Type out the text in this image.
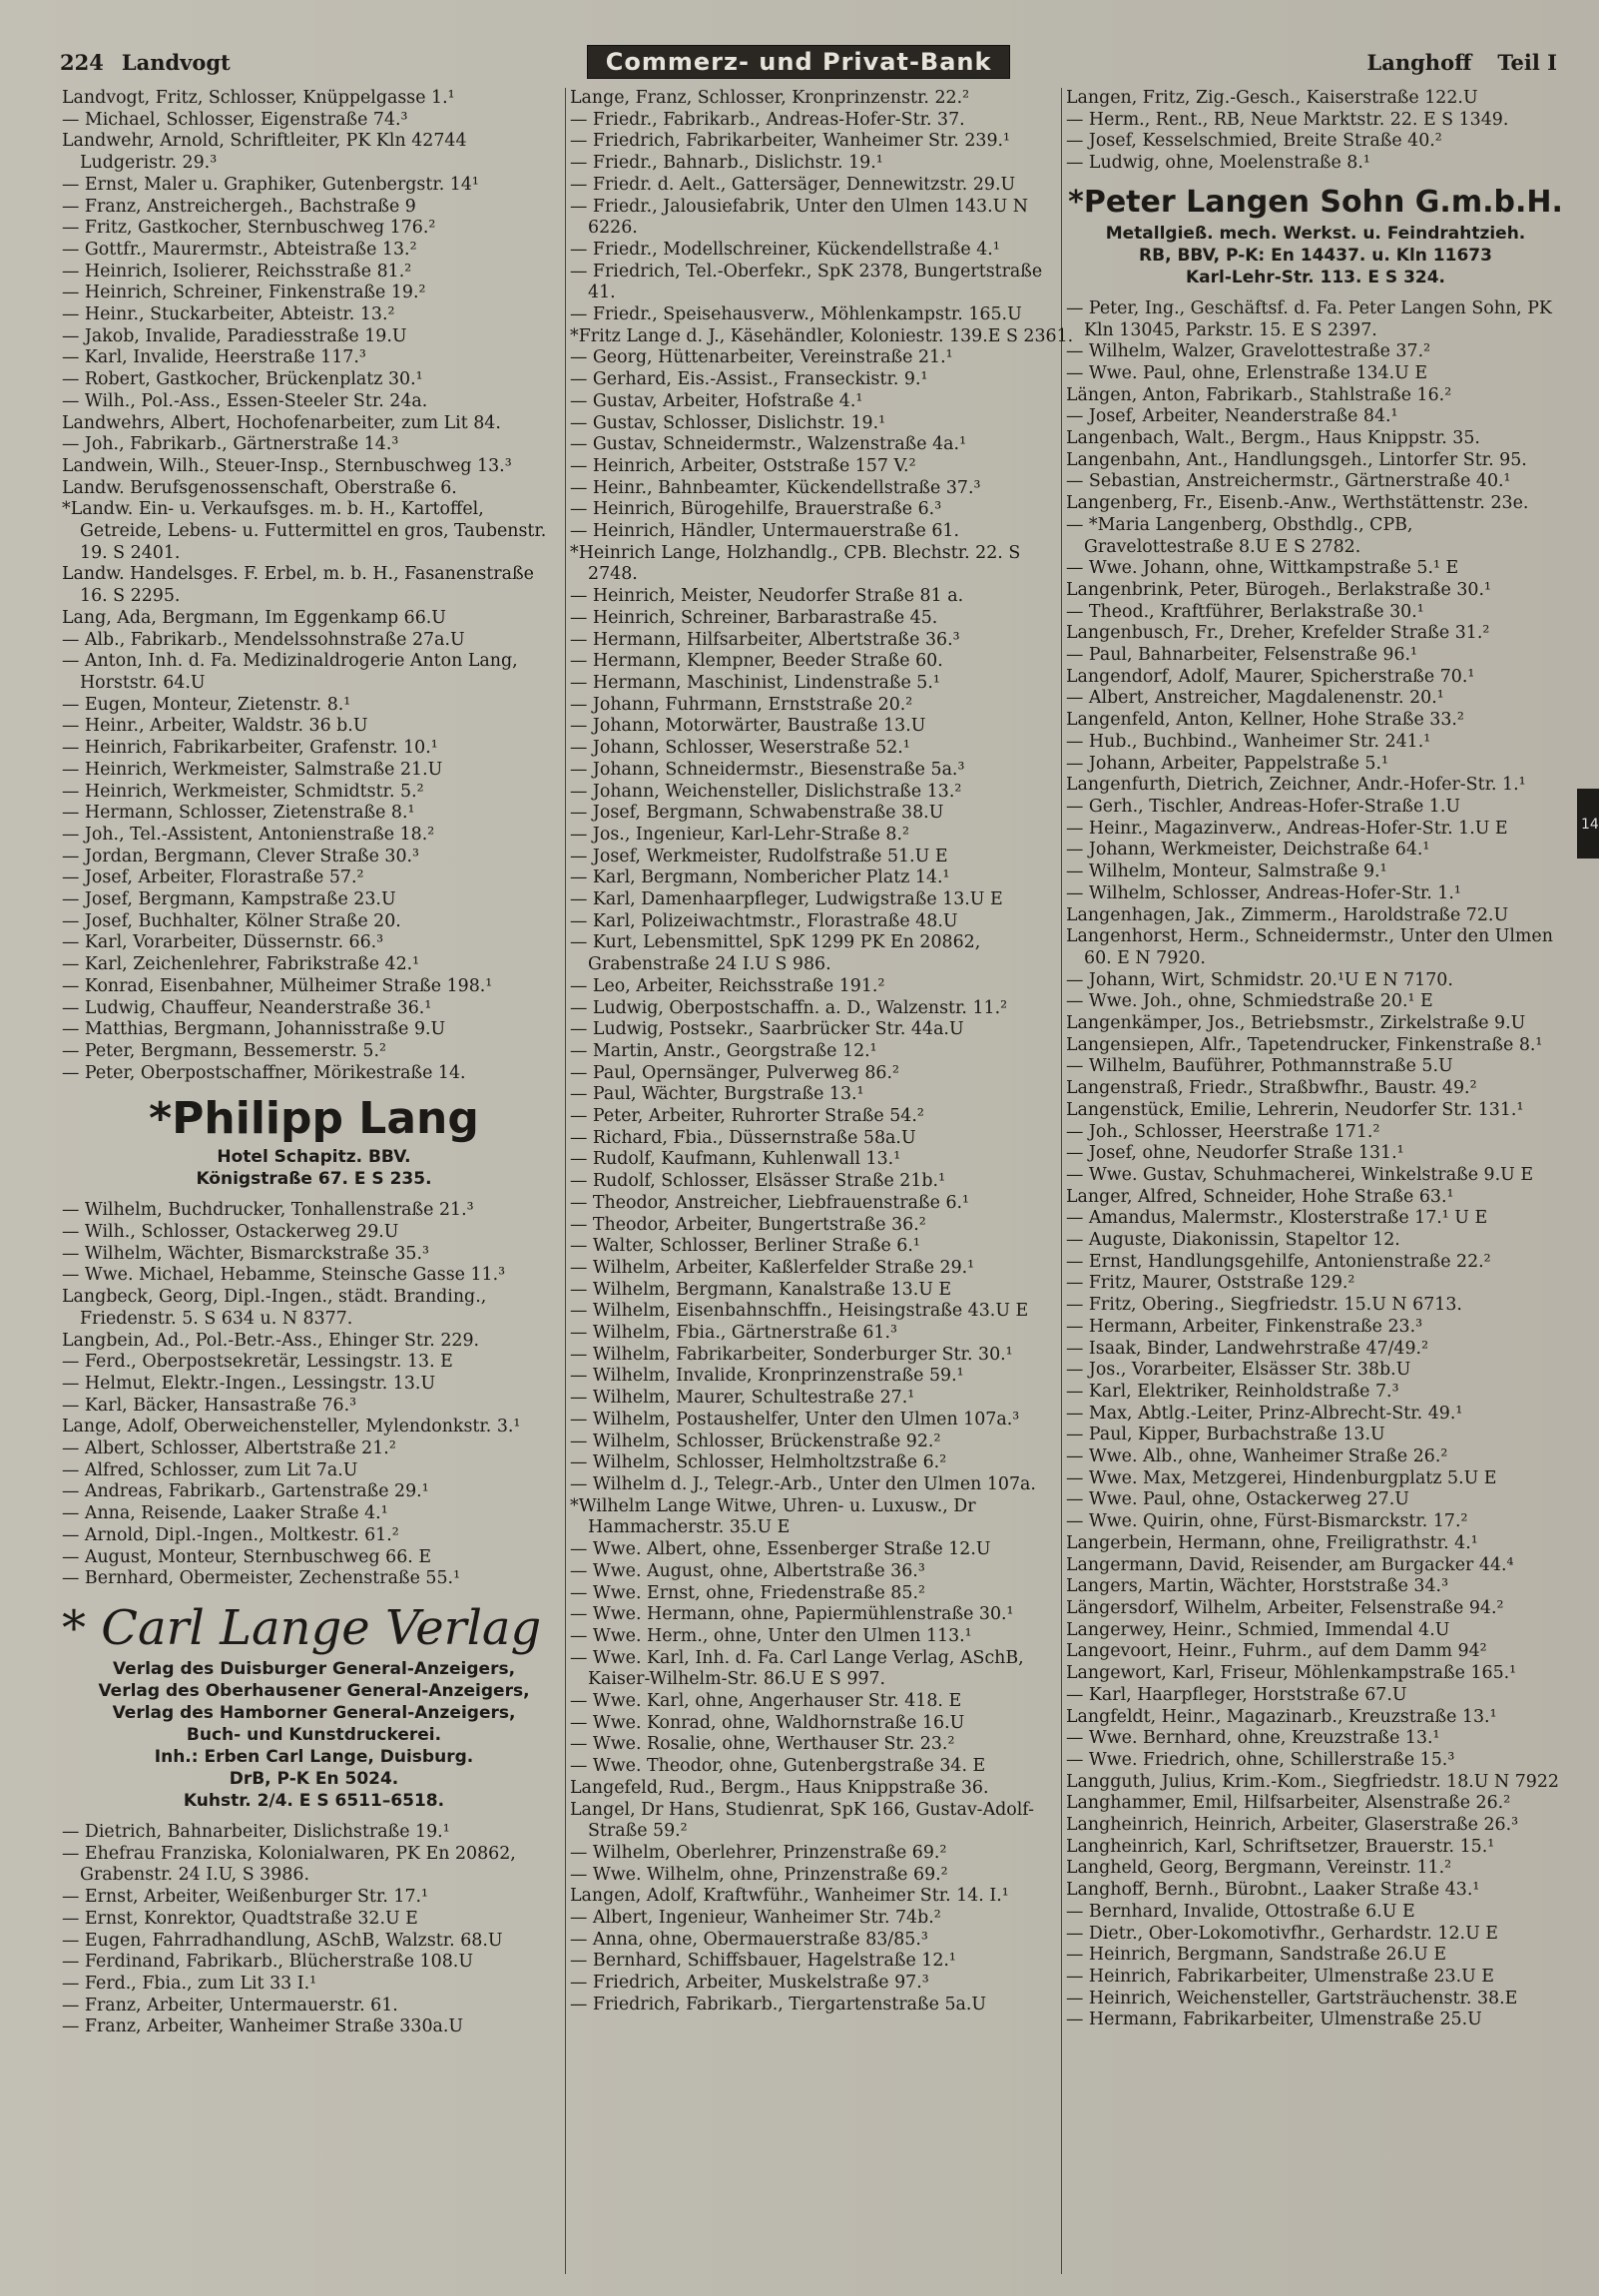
224 Landvogt	Commerz- und Privat-Bank	Langhoff Teil I
Landvogt, Fritz, Schlosser, Knüppelgasse 1.¹
— Michael, Schlosser, Eigenstraße 74.³
Landwehr, Arnold, Schriftleiter, PK Kln 42744 Ludgeristr. 29.³
— Ernst, Maler u. Graphiker, Gutenbergstr. 14¹
— Franz, Anstreichergeh., Bachstraße 9
— Fritz, Gastkocher, Sternbuschweg 176.²
— Gottfr., Maurermstr., Abteistraße 13.²
— Heinrich, Isolierer, Reichsstraße 81.²
— Heinrich, Schreiner, Finkenstraße 19.²
— Heinr., Stuckarbeiter, Abteistr. 13.²
— Jakob, Invalide, Paradiesstraße 19.U
— Karl, Invalide, Heerstraße 117.³
— Robert, Gastkocher, Brückenplatz 30.¹
— Wilh., Pol.-Ass., Essen-Steeler Str. 24a.
Landwehrs, Albert, Hochofenarbeiter, zum Lit 84.
— Joh., Fabrikarb., Gärtnerstraße 14.³
Landwein, Wilh., Steuer-Insp., Sternbuschweg 13.³
Landw. Berufsgenossenschaft, Oberstraße 6.
*Landw. Ein- u. Verkaufsges. m. b. H., Kartoffel, Getreide, Lebens- u. Futtermittel en gros, Taubenstr. 19. S 2401.
Landw. Handelsges. F. Erbel, m. b. H., Fasanenstraße 16. S 2295.
Lang, Ada, Bergmann, Im Eggenkamp 66.U
— Alb., Fabrikarb., Mendelssohnstraße 27a.U
— Anton, Inh. d. Fa. Medizinaldrogerie Anton Lang, Horststr. 64.U
— Eugen, Monteur, Zietenstr. 8.¹
— Heinr., Arbeiter, Waldstr. 36 b.U
— Heinrich, Fabrikarbeiter, Grafenstr. 10.¹
— Heinrich, Werkmeister, Salmstraße 21.U
— Heinrich, Werkmeister, Schmidtstr. 5.²
— Hermann, Schlosser, Zietenstraße 8.¹
— Joh., Tel.-Assistent, Antonienstraße 18.²
— Jordan, Bergmann, Clever Straße 30.³
— Josef, Arbeiter, Florastraße 57.²
— Josef, Bergmann, Kampstraße 23.U
— Josef, Buchhalter, Kölner Straße 20.
— Karl, Vorarbeiter, Düssernstr. 66.³
— Karl, Zeichenlehrer, Fabrikstraße 42.¹
— Konrad, Eisenbahner, Mülheimer Straße 198.¹
— Ludwig, Chauffeur, Neanderstraße 36.¹
— Matthias, Bergmann, Johannisstraße 9.U
— Peter, Bergmann, Bessemerstr. 5.²
— Peter, Oberpostschaffner, Mörikestraße 14.
*Philipp Lang
Hotel Schapitz. BBV.
Königstraße 67. E S 235.
— Wilhelm, Buchdrucker, Tonhallenstraße 21.³
— Wilh., Schlosser, Ostackerweg 29.U
— Wilhelm, Wächter, Bismarckstraße 35.³
— Wwe. Michael, Hebamme, Steinsche Gasse 11.³
Langbeck, Georg, Dipl.-Ingen., städt. Branding., Friedenstr. 5. S 634 u. N 8377.
Langbein, Ad., Pol.-Betr.-Ass., Ehinger Str. 229.
— Ferd., Oberpostsekretär, Lessingstr. 13. E
— Helmut, Elektr.-Ingen., Lessingstr. 13.U
— Karl, Bäcker, Hansastraße 76.³
Lange, Adolf, Oberweichensteller, Mylendonkstr. 3.¹
— Albert, Schlosser, Albertstraße 21.²
— Alfred, Schlosser, zum Lit 7a.U
— Andreas, Fabrikarb., Gartenstraße 29.¹
— Anna, Reisende, Laaker Straße 4.¹
— Arnold, Dipl.-Ingen., Moltkestr. 61.²
— August, Monteur, Sternbuschweg 66. E
— Bernhard, Obermeister, Zechenstraße 55.¹
* Carl Lange Verlag
Verlag des Duisburger General-Anzeigers,
Verlag des Oberhausener General-Anzeigers,
Verlag des Hamborner General-Anzeigers,
Buch- und Kunstdruckerei.
Inh.: Erben Carl Lange, Duisburg.
DrB, P-K En 5024.
Kuhstr. 2/4. E S 6511–6518.
— Dietrich, Bahnarbeiter, Dislichstraße 19.¹
— Ehefrau Franziska, Kolonialwaren, PK En 20862, Grabenstr. 24 I.U, S 3986.
— Ernst, Arbeiter, Weißenburger Str. 17.¹
— Ernst, Konrektor, Quadtstraße 32.U E
— Eugen, Fahrradhandlung, ASchB, Walzstr. 68.U
— Ferdinand, Fabrikarb., Blücherstraße 108.U
— Ferd., Fbia., zum Lit 33 I.¹
— Franz, Arbeiter, Untermauerstr. 61.
— Franz, Arbeiter, Wanheimer Straße 330a.U
Lange, Franz, Schlosser, Kronprinzenstr. 22.²
— Friedr., Fabrikarb., Andreas-Hofer-Str. 37.
— Friedrich, Fabrikarbeiter, Wanheimer Str. 239.¹
— Friedr., Bahnarb., Dislichstr. 19.¹
— Friedr. d. Aelt., Gattersäger, Dennewitzstr. 29.U
— Friedr., Jalousiefabrik, Unter den Ulmen 143.U N 6226.
— Friedr., Modellschreiner, Kückendellstraße 4.¹
— Friedrich, Tel.-Oberfekr., SpK 2378, Bungertstraße 41.
— Friedr., Speisehausverw., Möhlenkampstr. 165.U
*Fritz Lange d. J., Käsehändler, Koloniestr. 139.E S 2361.
— Georg, Hüttenarbeiter, Vereinstraße 21.¹
— Gerhard, Eis.-Assist., Franseckistr. 9.¹
— Gustav, Arbeiter, Hofstraße 4.¹
— Gustav, Schlosser, Dislichstr. 19.¹
— Gustav, Schneidermstr., Walzenstraße 4a.¹
— Heinrich, Arbeiter, Oststraße 157 V.²
— Heinr., Bahnbeamter, Kückendellstraße 37.³
— Heinrich, Bürogehilfe, Brauerstraße 6.³
— Heinrich, Händler, Untermauerstraße 61.
*Heinrich Lange, Holzhandlg., CPB. Blechstr. 22. S 2748.
— Heinrich, Meister, Neudorfer Straße 81 a.
— Heinrich, Schreiner, Barbarastraße 45.
— Hermann, Hilfsarbeiter, Albertstraße 36.³
— Hermann, Klempner, Beeder Straße 60.
— Hermann, Maschinist, Lindenstraße 5.¹
— Johann, Fuhrmann, Ernststraße 20.²
— Johann, Motorwärter, Baustraße 13.U
— Johann, Schlosser, Weserstraße 52.¹
— Johann, Schneidermstr., Biesenstraße 5a.³
— Johann, Weichensteller, Dislichstraße 13.²
— Josef, Bergmann, Schwabenstraße 38.U
— Jos., Ingenieur, Karl-Lehr-Straße 8.²
— Josef, Werkmeister, Rudolfstraße 51.U E
— Karl, Bergmann, Nombericher Platz 14.¹
— Karl, Damenhaarpfleger, Ludwigstraße 13.U E
— Karl, Polizeiwachtmstr., Florastraße 48.U
— Kurt, Lebensmittel, SpK 1299 PK En 20862, Grabenstraße 24 I.U S 986.
— Leo, Arbeiter, Reichsstraße 191.²
— Ludwig, Oberpostschaffn. a. D., Walzenstr. 11.²
— Ludwig, Postsekr., Saarbrücker Str. 44a.U
— Martin, Anstr., Georgstraße 12.¹
— Paul, Opernsänger, Pulverweg 86.²
— Paul, Wächter, Burgstraße 13.¹
— Peter, Arbeiter, Ruhrorter Straße 54.²
— Richard, Fbia., Düssernstraße 58a.U
— Rudolf, Kaufmann, Kuhlenwall 13.¹
— Rudolf, Schlosser, Elsässer Straße 21b.¹
— Theodor, Anstreicher, Liebfrauenstraße 6.¹
— Theodor, Arbeiter, Bungertstraße 36.²
— Walter, Schlosser, Berliner Straße 6.¹
— Wilhelm, Arbeiter, Kaßlerfelder Straße 29.¹
— Wilhelm, Bergmann, Kanalstraße 13.U E
— Wilhelm, Eisenbahnschffn., Heisingstraße 43.U E
— Wilhelm, Fbia., Gärtnerstraße 61.³
— Wilhelm, Fabrikarbeiter, Sonderburger Str. 30.¹
— Wilhelm, Invalide, Kronprinzenstraße 59.¹
— Wilhelm, Maurer, Schultestraße 27.¹
— Wilhelm, Postaushelfer, Unter den Ulmen 107a.³
— Wilhelm, Schlosser, Brückenstraße 92.²
— Wilhelm, Schlosser, Helmholtzstraße 6.²
— Wilhelm d. J., Telegr.-Arb., Unter den Ulmen 107a.
*Wilhelm Lange Witwe, Uhren- u. Luxusw., Dr Hammacherstr. 35.U E
— Wwe. Albert, ohne, Essenberger Straße 12.U
— Wwe. August, ohne, Albertstraße 36.³
— Wwe. Ernst, ohne, Friedenstraße 85.²
— Wwe. Hermann, ohne, Papiermühlenstraße 30.¹
— Wwe. Herm., ohne, Unter den Ulmen 113.¹
— Wwe. Karl, Inh. d. Fa. Carl Lange Verlag, ASchB, Kaiser-Wilhelm-Str. 86.U E S 997.
— Wwe. Karl, ohne, Angerhauser Str. 418. E
— Wwe. Konrad, ohne, Waldhornstraße 16.U
— Wwe. Rosalie, ohne, Werthauser Str. 23.²
— Wwe. Theodor, ohne, Gutenbergstraße 34. E
Langefeld, Rud., Bergm., Haus Knippstraße 36.
Langel, Dr Hans, Studienrat, SpK 166, Gustav-Adolf-Straße 59.²
— Wilhelm, Oberlehrer, Prinzenstraße 69.²
— Wwe. Wilhelm, ohne, Prinzenstraße 69.²
Langen, Adolf, Kraftwführ., Wanheimer Str. 14. I.¹
— Albert, Ingenieur, Wanheimer Str. 74b.²
— Anna, ohne, Obermauerstraße 83/85.³
— Bernhard, Schiffsbauer, Hagelstraße 12.¹
— Friedrich, Arbeiter, Muskelstraße 97.³
— Friedrich, Fabrikarb., Tiergartenstraße 5a.U
Langen, Fritz, Zig.-Gesch., Kaiserstraße 122.U
— Herm., Rent., RB, Neue Marktstr. 22. E S 1349.
— Josef, Kesselschmied, Breite Straße 40.²
— Ludwig, ohne, Moelenstraße 8.¹
*Peter Langen Sohn G.m.b.H.
Metallgieß. mech. Werkst. u. Feindrahtzieh.
RB, BBV, P-K: En 14437. u. Kln 11673
Karl-Lehr-Str. 113. E S 324.
— Peter, Ing., Geschäftsf. d. Fa. Peter Langen Sohn, PK Kln 13045, Parkstr. 15. E S 2397.
— Wilhelm, Walzer, Gravelottestraße 37.²
— Wwe. Paul, ohne, Erlenstraße 134.U E
Längen, Anton, Fabrikarb., Stahlstraße 16.²
— Josef, Arbeiter, Neanderstraße 84.¹
Langenbach, Walt., Bergm., Haus Knippstr. 35.
Langenbahn, Ant., Handlungsgeh., Lintorfer Str. 95.
— Sebastian, Anstreichermstr., Gärtnerstraße 40.¹
Langenberg, Fr., Eisenb.-Anw., Werthstättenstr. 23e.
— *Maria Langenberg, Obsthdlg., CPB, Gravelottestraße 8.U E S 2782.
— Wwe. Johann, ohne, Wittkampstraße 5.¹ E
Langenbrink, Peter, Bürogeh., Berlakstraße 30.¹
— Theod., Kraftführer, Berlakstraße 30.¹
Langenbusch, Fr., Dreher, Krefelder Straße 31.²
— Paul, Bahnarbeiter, Felsenstraße 96.¹
Langendorf, Adolf, Maurer, Spicherstraße 70.¹
— Albert, Anstreicher, Magdalenenstr. 20.¹
Langenfeld, Anton, Kellner, Hohe Straße 33.²
— Hub., Buchbind., Wanheimer Str. 241.¹
— Johann, Arbeiter, Pappelstraße 5.¹
Langenfurth, Dietrich, Zeichner, Andr.-Hofer-Str. 1.¹
— Gerh., Tischler, Andreas-Hofer-Straße 1.U
— Heinr., Magazinverw., Andreas-Hofer-Str. 1.U E
— Johann, Werkmeister, Deichstraße 64.¹
— Wilhelm, Monteur, Salmstraße 9.¹
— Wilhelm, Schlosser, Andreas-Hofer-Str. 1.¹
Langenhagen, Jak., Zimmerm., Haroldstraße 72.U
Langenhorst, Herm., Schneidermstr., Unter den Ulmen 60. E N 7920.
— Johann, Wirt, Schmidstr. 20.¹U E N 7170.
— Wwe. Joh., ohne, Schmiedstraße 20.¹ E
Langenkämper, Jos., Betriebsmstr., Zirkelstraße 9.U
Langensiepen, Alfr., Tapetendrucker, Finkenstraße 8.¹
— Wilhelm, Bauführer, Pothmannstraße 5.U
Langenstraß, Friedr., Straßbwfhr., Baustr. 49.²
Langenstück, Emilie, Lehrerin, Neudorfer Str. 131.¹
— Joh., Schlosser, Heerstraße 171.²
— Josef, ohne, Neudorfer Straße 131.¹
— Wwe. Gustav, Schuhmacherei, Winkelstraße 9.U E
Langer, Alfred, Schneider, Hohe Straße 63.¹
— Amandus, Malermstr., Klosterstraße 17.¹ U E
— Auguste, Diakonissin, Stapeltor 12.
— Ernst, Handlungsgehilfe, Antonienstraße 22.²
— Fritz, Maurer, Oststraße 129.²
— Fritz, Obering., Siegfriedstr. 15.U N 6713.
— Hermann, Arbeiter, Finkenstraße 23.³
— Isaak, Binder, Landwehrstraße 47/49.²
— Jos., Vorarbeiter, Elsässer Str. 38b.U
— Karl, Elektriker, Reinholdstraße 7.³
— Max, Abtlg.-Leiter, Prinz-Albrecht-Str. 49.¹
— Paul, Kipper, Burbachstraße 13.U
— Wwe. Alb., ohne, Wanheimer Straße 26.²
— Wwe. Max, Metzgerei, Hindenburgplatz 5.U E
— Wwe. Paul, ohne, Ostackerweg 27.U
— Wwe. Quirin, ohne, Fürst-Bismarckstr. 17.²
Langerbein, Hermann, ohne, Freiligrathstr. 4.¹
Langermann, David, Reisender, am Burgacker 44.⁴
Langers, Martin, Wächter, Horststraße 34.³
Längersdorf, Wilhelm, Arbeiter, Felsenstraße 94.²
Langerwey, Heinr., Schmied, Immendal 4.U
Langevoort, Heinr., Fuhrm., auf dem Damm 94²
Langewort, Karl, Friseur, Möhlenkampstraße 165.¹
— Karl, Haarpfleger, Horststraße 67.U
Langfeldt, Heinr., Magazinarb., Kreuzstraße 13.¹
— Wwe. Bernhard, ohne, Kreuzstraße 13.¹
— Wwe. Friedrich, ohne, Schillerstraße 15.³
Langguth, Julius, Krim.-Kom., Siegfriedstr. 18.U N 7922
Langhammer, Emil, Hilfsarbeiter, Alsenstraße 26.²
Langheinrich, Heinrich, Arbeiter, Glaserstraße 26.³
Langheinrich, Karl, Schriftsetzer, Brauerstr. 15.¹
Langheld, Georg, Bergmann, Vereinstr. 11.²
Langhoff, Bernh., Bürobnt., Laaker Straße 43.¹
— Bernhard, Invalide, Ottostraße 6.U E
— Dietr., Ober-Lokomotivfhr., Gerhardstr. 12.U E
— Heinrich, Bergmann, Sandstraße 26.U E
— Heinrich, Fabrikarbeiter, Ulmenstraße 23.U E
— Heinrich, Weichensteller, Gartsträuchenstr. 38.E
— Hermann, Fabrikarbeiter, Ulmenstraße 25.U
14
